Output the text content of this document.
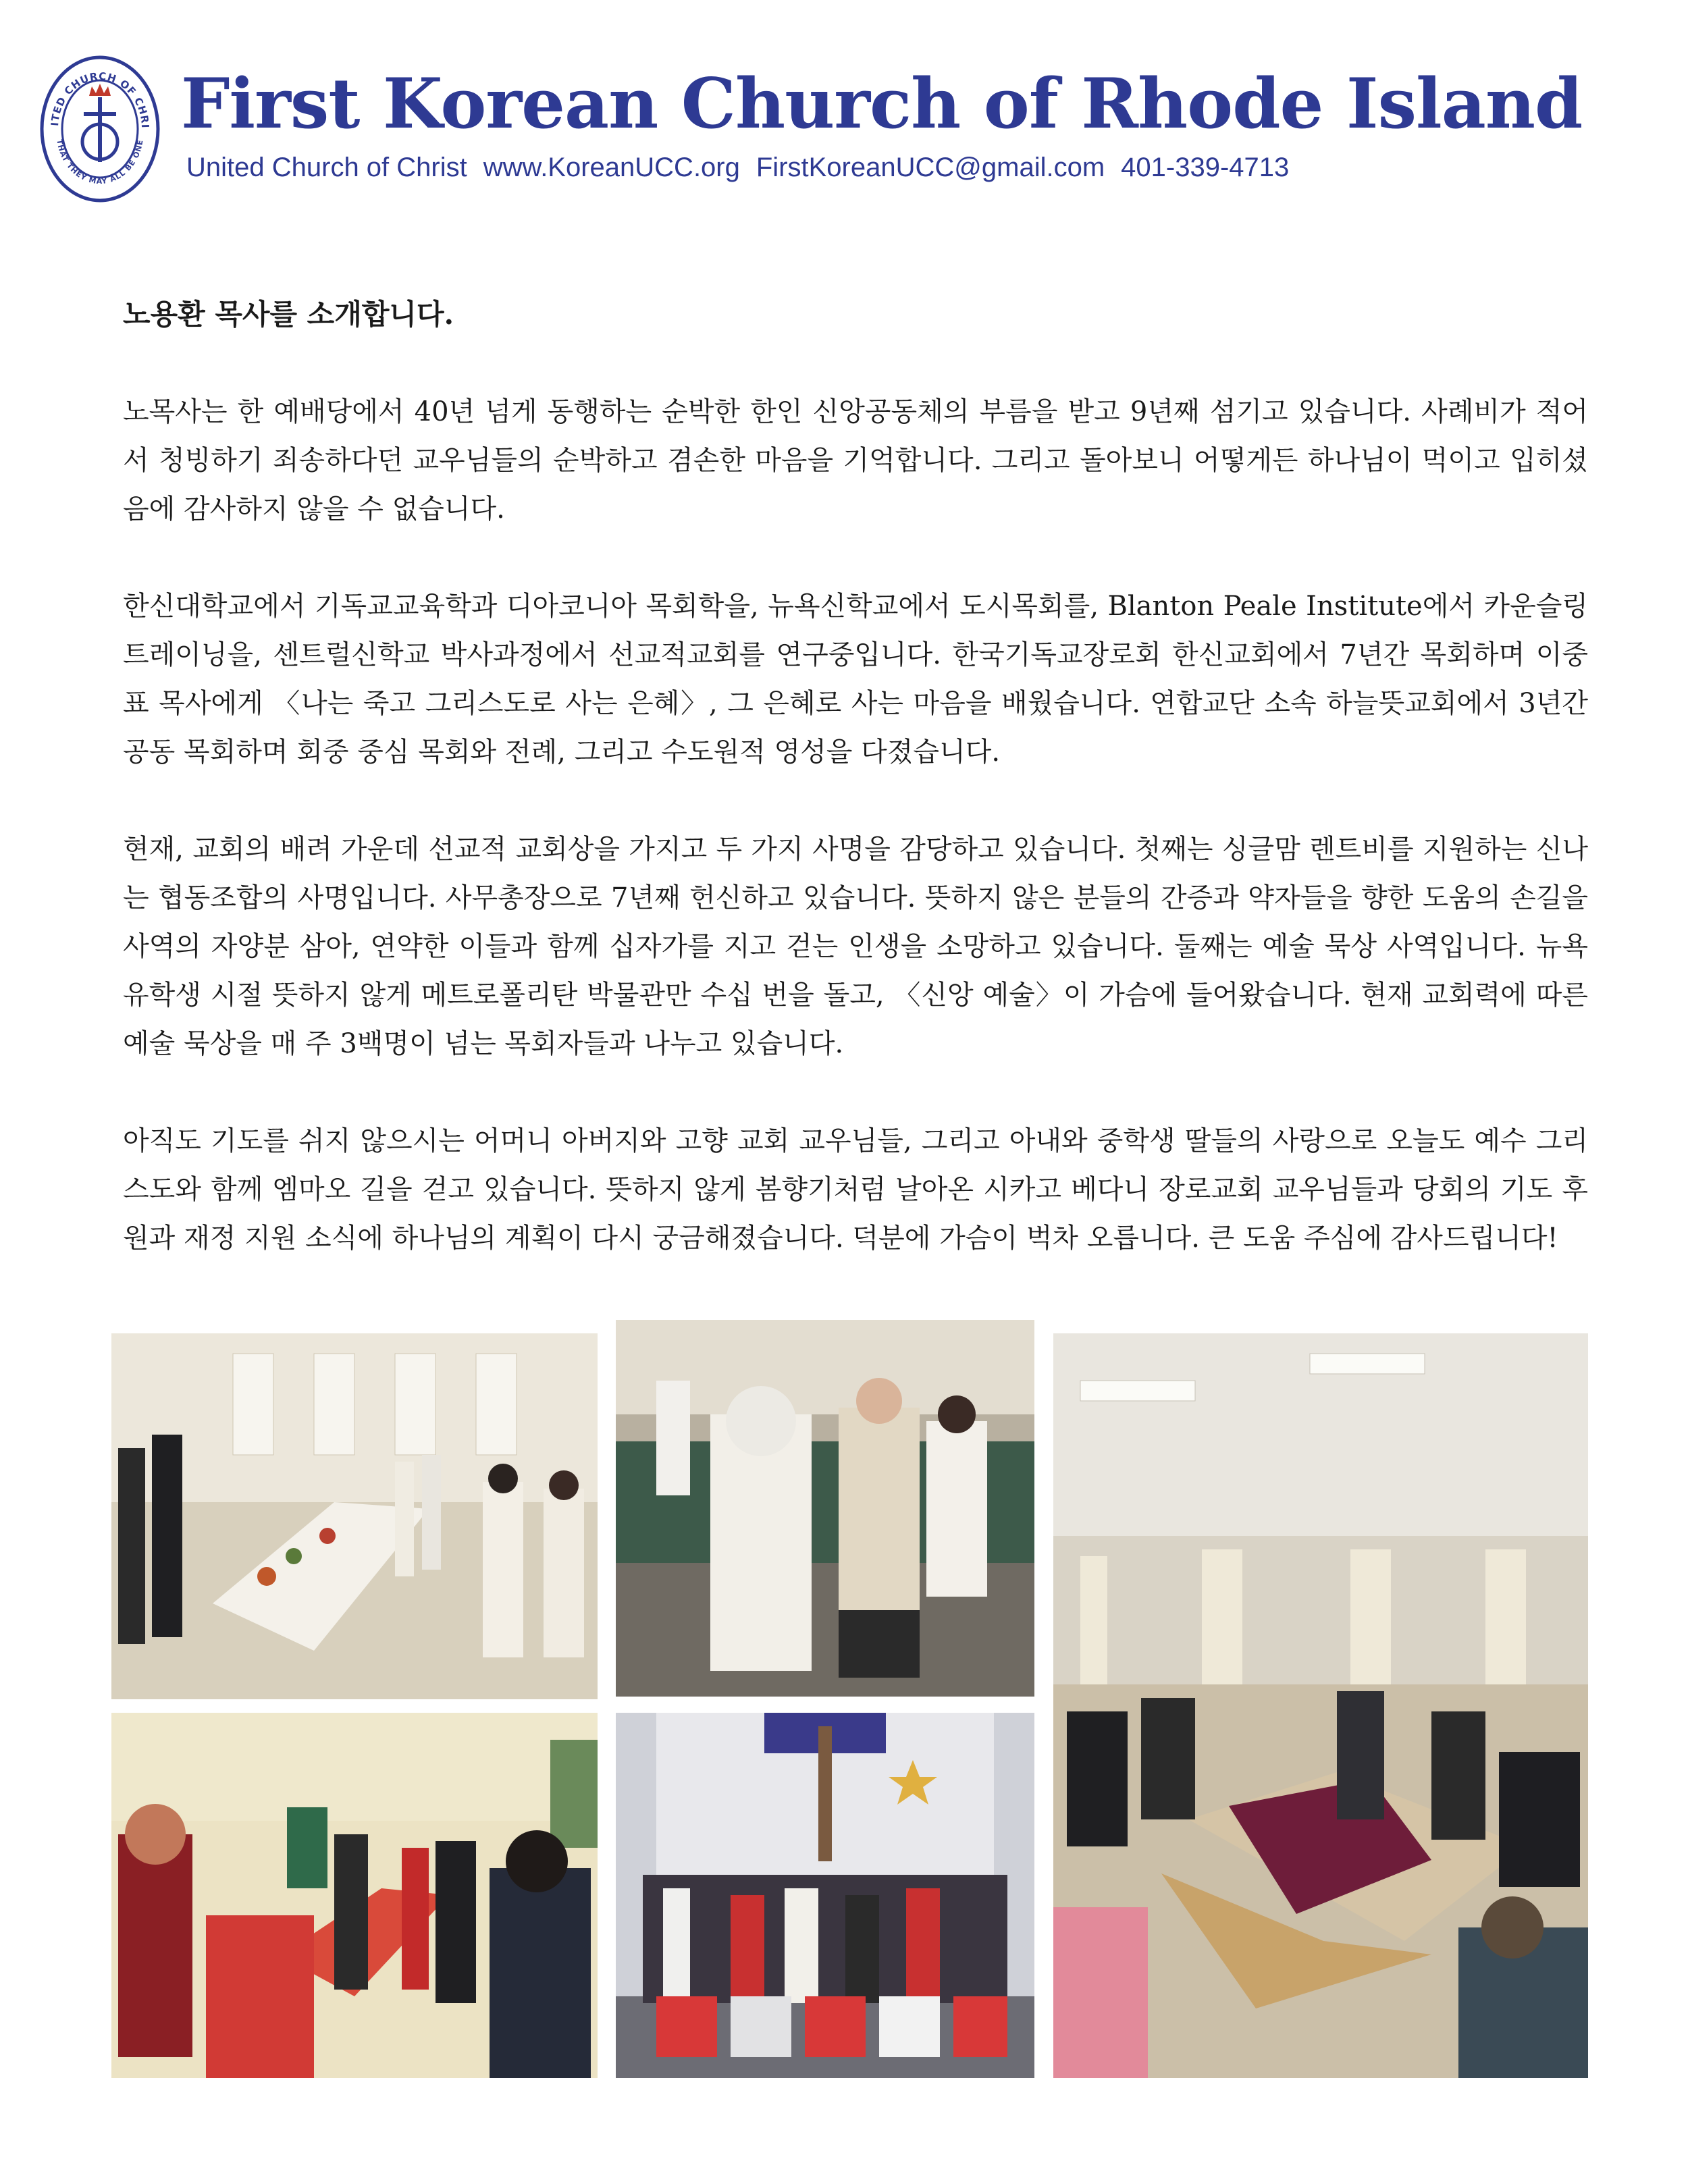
ITED CHURCH OF CHRI
THAT THEY MAY ALL BE ONE First Korean Church of Rhode Island
United Church of Christ www.KoreanUCC.org FirstKoreanUCC@gmail.com 401-339-4713
노용환 목사를 소개합니다.

노목사는 한 예배당에서 40년 넘게 동행하는 순박한 한인 신앙공동체의 부름을 받고 9년째 섬기고 있습니다. 사례비가 적어서 청빙하기 죄송하다던 교우님들의 순박하고 겸손한 마음을 기억합니다. 그리고 돌아보니 어떻게든 하나님이 먹이고 입히셨음에 감사하지 않을 수 없습니다.

한신대학교에서 기독교교육학과 디아코니아 목회학을, 뉴욕신학교에서 도시목회를, Blanton Peale Institute에서 카운슬링 트레이닝을, 센트럴신학교 박사과정에서 선교적교회를 연구중입니다. 한국기독교장로회 한신교회에서 7년간 목회하며 이중표 목사에게 〈나는 죽고 그리스도로 사는 은혜〉, 그 은혜로 사는 마음을 배웠습니다. 연합교단 소속 하늘뜻교회에서 3년간 공동 목회하며 회중 중심 목회와 전례, 그리고 수도원적 영성을 다졌습니다.

현재, 교회의 배려 가운데 선교적 교회상을 가지고 두 가지 사명을 감당하고 있습니다. 첫째는 싱글맘 렌트비를 지원하는 신나는 협동조합의 사명입니다. 사무총장으로 7년째 헌신하고 있습니다. 뜻하지 않은 분들의 간증과 약자들을 향한 도움의 손길을 사역의 자양분 삼아, 연약한 이들과 함께 십자가를 지고 걷는 인생을 소망하고 있습니다. 둘째는 예술 묵상 사역입니다. 뉴욕 유학생 시절 뜻하지 않게 메트로폴리탄 박물관만 수십 번을 돌고, 〈신앙 예술〉이 가슴에 들어왔습니다. 현재 교회력에 따른 예술 묵상을 매 주 3백명이 넘는 목회자들과 나누고 있습니다.

아직도 기도를 쉬지 않으시는 어머니 아버지와 고향 교회 교우님들, 그리고 아내와 중학생 딸들의 사랑으로 오늘도 예수 그리스도와 함께 엠마오 길을 걷고 있습니다. 뜻하지 않게 봄향기처럼 날아온 시카고 베다니 장로교회 교우님들과 당회의 기도 후원과 재정 지원 소식에 하나님의 계획이 다시 궁금해졌습니다. 덕분에 가슴이 벅차 오릅니다. 큰 도움 주심에 감사드립니다!
